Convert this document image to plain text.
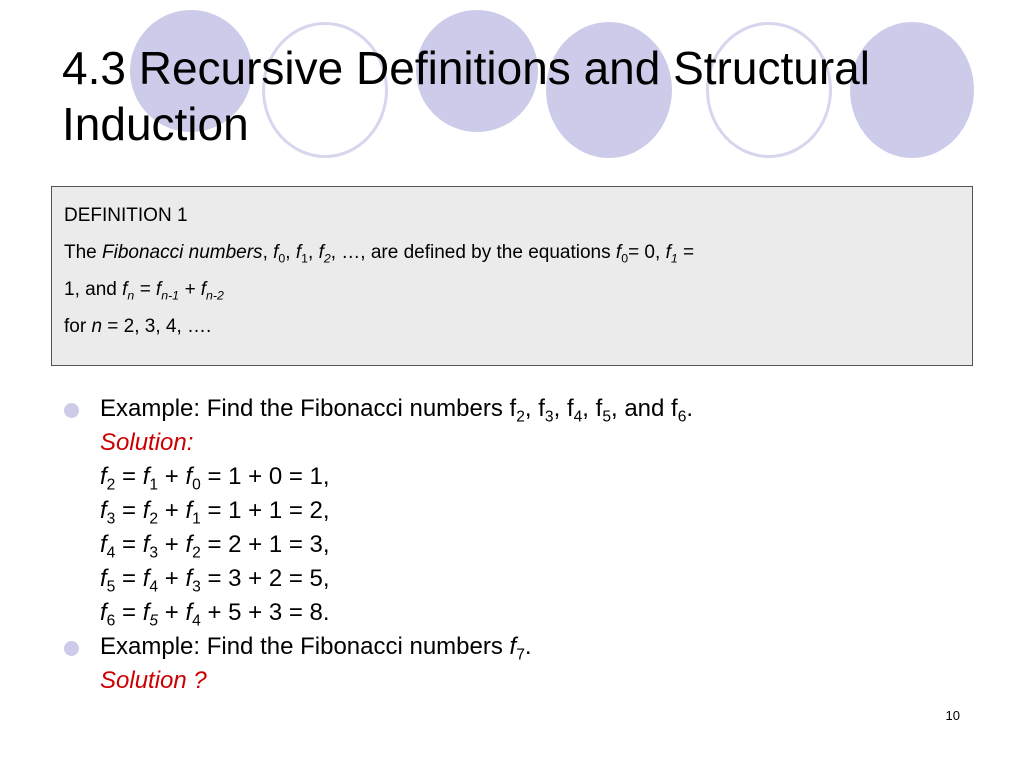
4.3 Recursive Definitions and Structural
Induction
DEFINITION 1
The Fibonacci numbers, $f_0$, $f_1$, $f_2$, …, are defined by the equations $f_0= 0$, $f_1$ =
1, and $f_n = f_{n-1} + f_{n-2}$
for n = 2, 3, 4, ….
Example: Find the Fibonacci numbers $f_2$, $f_3$, $f_4$, $f_5$, and $f_6$.
Solution:
$f_2 = f_1 + f_0 = 1 + 0 = 1$,
$f_3 = f_2 + f_1 = 1 + 1 = 2$,
$f_4 = f_3 + f_2 = 2 + 1 = 3$,
$f_5 = f_4 + f_3 = 3 + 2 = 5$,
$f_6 = f_5 + f_4 + 5 + 3 = 8$.
Example: Find the Fibonacci numbers $f_7$.
Solution ?
10
